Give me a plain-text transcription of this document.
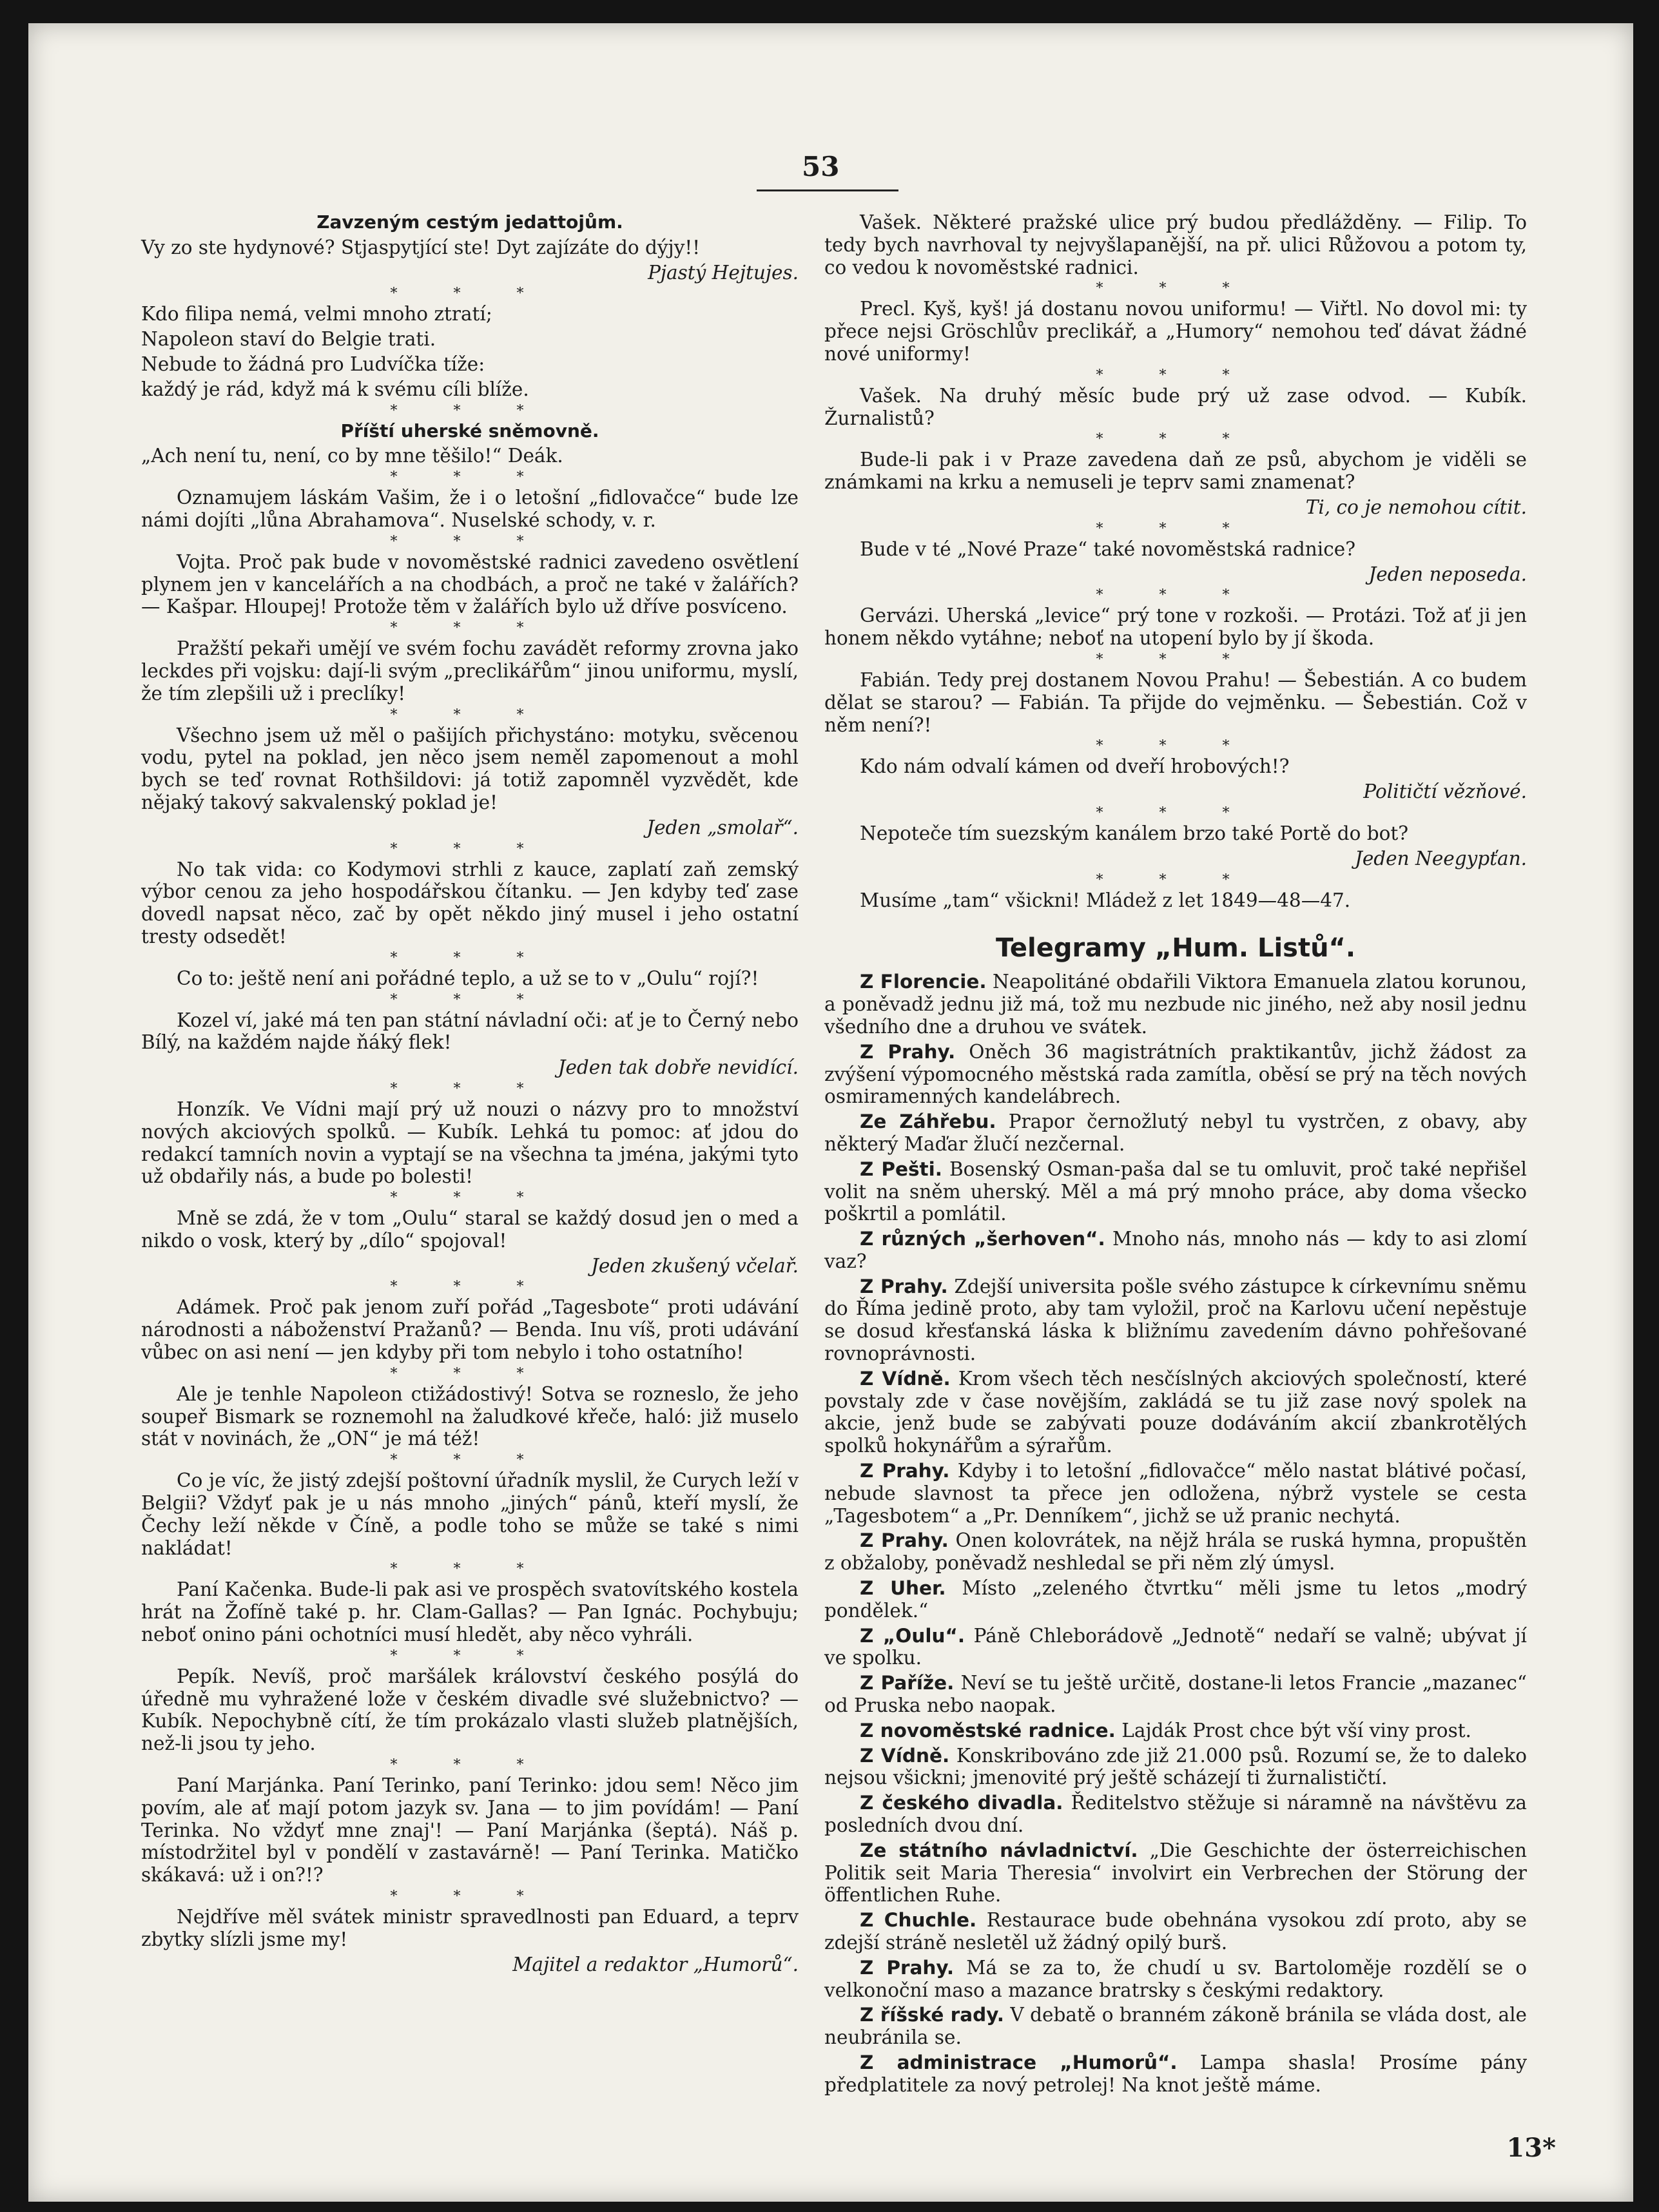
53

Zavzeným cestým jedattojům.

Vy zo ste hydynové? Stjaspytjící ste! Dyt zajízáte do dýjy!!

Pjastý Hejtujes.

* * *

Kdo filipa nemá, velmi mnoho ztratí;

Napoleon staví do Belgie trati.

Nebude to žádná pro Ludvíčka tíže:

každý je rád, když má k svému cíli blíže.

* * *

Příští uherské sněmovně.

„Ach není tu, není, co by mne těšilo!“ Deák.

* * *

Oznamujem láskám Vašim, že i o letošní „fidlovačce“ bude lze námi dojíti „lůna Abrahamova“. Nuselské schody, v. r.

* * *

Vojta. Proč pak bude v novoměstské radnici zavedeno osvětlení plynem jen v kancelářích a na chodbách, a proč ne také v žalářích? — Kašpar. Hloupej! Protože těm v žalářích bylo už dříve posvíceno.

* * *

Pražští pekaři umějí ve svém fochu zavádět reformy zrovna jako leckdes při vojsku: dají-li svým „preclikářům“ jinou uniformu, myslí, že tím zlepšili už i preclíky!

* * *

Všechno jsem už měl o pašijích přichystáno: motyku, svěcenou vodu, pytel na poklad, jen něco jsem neměl zapomenout a mohl bych se teď rovnat Rothšildovi: já totiž zapomněl vyzvědět, kde nějaký takový sakvalenský poklad je!

Jeden „smolař“.

* * *

No tak vida: co Kodymovi strhli z kauce, zaplatí zaň zemský výbor cenou za jeho hospodářskou čítanku. — Jen kdyby teď zase dovedl napsat něco, zač by opět někdo jiný musel i jeho ostatní tresty odsedět!

* * *

Co to: ještě není ani pořádné teplo, a už se to v „Oulu“ rojí?!

* * *

Kozel ví, jaké má ten pan státní návladní oči: ať je to Černý nebo Bílý, na každém najde ňáký flek!

Jeden tak dobře nevidící.

* * *

Honzík. Ve Vídni mají prý už nouzi o názvy pro to množství nových akciových spolků. — Kubík. Lehká tu pomoc: ať jdou do redakcí tamních novin a vyptají se na všechna ta jména, jakými tyto už obdařily nás, a bude po bolesti!

* * *

Mně se zdá, že v tom „Oulu“ staral se každý dosud jen o med a nikdo o vosk, který by „dílo“ spojoval!

Jeden zkušený včelař.

* * *

Adámek. Proč pak jenom zuří pořád „Tagesbote“ proti udávání národnosti a náboženství Pražanů? — Benda. Inu víš, proti udávání vůbec on asi není — jen kdyby při tom nebylo i toho ostatního!

* * *

Ale je tenhle Napoleon ctižádostivý! Sotva se rozneslo, že jeho soupeř Bismark se roznemohl na žaludkové křeče, haló: již muselo stát v novinách, že „ON“ je má též!

* * *

Co je víc, že jistý zdejší poštovní úřadník myslil, že Curych leží v Belgii? Vždyť pak je u nás mnoho „jiných“ pánů, kteří myslí, že Čechy leží někde v Číně, a podle toho se může se také s nimi nakládat!

* * *

Paní Kačenka. Bude-li pak asi ve prospěch svatovítského kostela hrát na Žofíně také p. hr. Clam-Gallas? — Pan Ignác. Pochybuju; neboť onino páni ochotníci musí hledět, aby něco vyhráli.

* * *

Pepík. Nevíš, proč maršálek království českého posýlá do úředně mu vyhražené lože v českém divadle své služebnictvo? — Kubík. Nepochybně cítí, že tím prokázalo vlasti služeb platnějších, než-li jsou ty jeho.

* * *

Paní Marjánka. Paní Terinko, paní Terinko: jdou sem! Něco jim povím, ale ať mají potom jazyk sv. Jana — to jim povídám! — Paní Terinka. No vždyť mne znaj'! — Paní Marjánka (šeptá). Náš p. místodržitel byl v pondělí v zastavárně! — Paní Terinka. Matičko skákavá: už i on?!?

* * *

Nejdříve měl svátek ministr spravedlnosti pan Eduard, a teprv zbytky slízli jsme my!

Majitel a redaktor „Humorů“.

Vašek. Některé pražské ulice prý budou předlážděny. — Filip. To tedy bych navrhoval ty nejvyšlapanější, na př. ulici Růžovou a potom ty, co vedou k novoměstské radnici.

* * *

Precl. Kyš, kyš! já dostanu novou uniformu! — Viřtl. No dovol mi: ty přece nejsi Gröschlův preclikář, a „Humory“ nemohou teď dávat žádné nové uniformy!

* * *

Vašek. Na druhý měsíc bude prý už zase odvod. — Kubík. Žurnalistů?

* * *

Bude-li pak i v Praze zavedena daň ze psů, abychom je viděli se známkami na krku a nemuseli je teprv sami znamenat?

Ti, co je nemohou cítit.

* * *

Bude v té „Nové Praze“ také novoměstská radnice?

Jeden neposeda.

* * *

Gervázi. Uherská „levice“ prý tone v rozkoši. — Protázi. Tož ať ji jen honem někdo vytáhne; neboť na utopení bylo by jí škoda.

* * *

Fabián. Tedy prej dostanem Novou Prahu! — Šebestián. A co budem dělat se starou? — Fabián. Ta přijde do vejměnku. — Šebestián. Což v něm není?!

* * *

Kdo nám odvalí kámen od dveří hrobových!?

Političtí vězňové.

* * *

Nepoteče tím suezským kanálem brzo také Portě do bot?

Jeden Neegypťan.

* * *

Musíme „tam“ všickni! Mládež z let 1849—48—47.

Telegramy „Hum. Listů“.

Z Florencie. Neapolitáné obdařili Viktora Emanuela zlatou korunou, a poněvadž jednu již má, tož mu nezbude nic jiného, než aby nosil jednu všedního dne a druhou ve svátek.

Z Prahy. Oněch 36 magistrátních praktikantův, jichž žádost za zvýšení výpomocného městská rada zamítla, oběsí se prý na těch nových osmiramenných kandelábrech.

Ze Záhřebu. Prapor černožlutý nebyl tu vystrčen, z obavy, aby některý Maďar žlučí nezčernal.

Z Pešti. Bosenský Osman-paša dal se tu omluvit, proč také nepřišel volit na sněm uherský. Měl a má prý mnoho práce, aby doma všecko poškrtil a pomlátil.

Z různých „šerhoven“. Mnoho nás, mnoho nás — kdy to asi zlomí vaz?

Z Prahy. Zdejší universita pošle svého zástupce k církevnímu sněmu do Říma jedině proto, aby tam vyložil, proč na Karlovu učení nepěstuje se dosud křesťanská láska k bližnímu zavedením dávno pohřešované rovnoprávnosti.

Z Vídně. Krom všech těch nesčíslných akciových společností, které povstaly zde v čase novějším, zakládá se tu již zase nový spolek na akcie, jenž bude se zabývati pouze dodáváním akcií zbankrotělých spolků hokynářům a sýrařům.

Z Prahy. Kdyby i to letošní „fidlovačce“ mělo nastat blátivé počasí, nebude slavnost ta přece jen odložena, nýbrž vystele se cesta „Tagesbotem“ a „Pr. Denníkem“, jichž se už pranic nechytá.

Z Prahy. Onen kolovrátek, na nějž hrála se ruská hymna, propuštěn z obžaloby, poněvadž neshledal se při něm zlý úmysl.

Z Uher. Místo „zeleného čtvrtku“ měli jsme tu letos „modrý pondělek.“

Z „Oulu“. Páně Chleborádově „Jednotě“ nedaří se valně; ubývat jí ve spolku.

Z Paříže. Neví se tu ještě určitě, dostane-li letos Francie „mazanec“ od Pruska nebo naopak.

Z novoměstské radnice. Lajdák Prost chce být vší viny prost.

Z Vídně. Konskribováno zde již 21.000 psů. Rozumí se, že to daleko nejsou všickni; jmenovité prý ještě scházejí ti žurnalističtí.

Z českého divadla. Ředitelstvo stěžuje si náramně na návštěvu za posledních dvou dní.

Ze státního návladnictví. „Die Geschichte der österreichischen Politik seit Maria Theresia“ involvirt ein Verbrechen der Störung der öffentlichen Ruhe.

Z Chuchle. Restaurace bude obehnána vysokou zdí proto, aby se zdejší stráně nesletěl už žádný opilý burš.

Z Prahy. Má se za to, že chudí u sv. Bartoloměje rozdělí se o velkonoční maso a mazance bratrsky s českými redaktory.

Z říšské rady. V debatě o branném zákoně bránila se vláda dost, ale neubránila se.

Z administrace „Humorů“. Lampa shasla! Prosíme pány předplatitele za nový petrolej! Na knot ještě máme.

13*
